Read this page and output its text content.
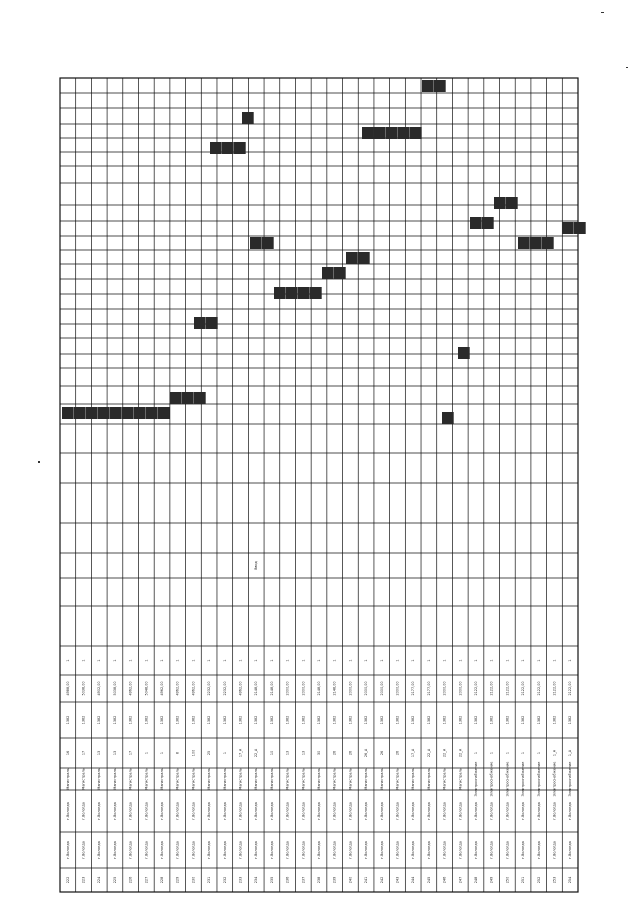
222
г.Вологда
г.Вологда
Магистраль
16
1382
4988,00
1
223
г.Вологда
г.Вологда
Магистраль
17
1382
5038,00
1
224
г.Вологда
г.Вологда
Магистраль
13
1382
4902,00
1
225
г.Вологда
г.Вологда
Магистраль
13
1382
5038,00
1
226
г.Вологда
г.Вологда
Магистраль
17
1382
4962,00
1
227
г.Вологда
г.Вологда
Магистраль
1
1382
5048,00
1
228
г.Вологда
г.Вологда
Магистраль
1
1382
4962,00
1
229
г.Вологда
г.Вологда
Магистраль
8
1382
4962,00
1
230
г.Вологда
г.Вологда
Магистраль
100
1382
4962,00
1
231
г.Вологда
г.Вологда
Магистраль
25
1382
2232,00
1
232
г.Вологда
г.Вологда
Магистраль
1
1382
2232,00
1
233
г.Вологда
г.Вологда
Магистраль
17_А
1382
4962,00
1
234
г.Вологда
г.Вологда
Магистраль
22_А
1382
2148,00
1
Ввод
235
г.Вологда
г.Вологда
Магистраль
10
1382
2148,00
1
236
г.Вологда
г.Вологда
Магистраль
13
1382
2000,00
1
237
г.Вологда
г.Вологда
Магистраль
13
1382
2000,00
1
238
г.Вологда
г.Вологда
Магистраль
30
1382
2148,00
1
239
г.Вологда
г.Вологда
Магистраль
26
1382
2148,00
1
240
г.Вологда
г.Вологда
Магистраль
26
1382
2000,00
1
241
г.Вологда
г.Вологда
Магистраль
26_А
1382
2000,00
1
242
г.Вологда
г.Вологда
Магистраль
26
1382
2000,00
1
243
г.Вологда
г.Вологда
Магистраль
26
1382
2000,00
1
244
г.Вологда
г.Вологда
Магистраль
17_А
1382
2177,00
1
245
г.Вологда
г.Вологда
Магистраль
22_А
1382
2177,00
1
246
г.Вологда
г.Вологда
Магистраль
22_А
1382
2000,00
1
247
г.Вологда
г.Вологда
Магистраль
22_А
1382
2000,00
1
248
г.Вологда
г.Вологда
Электроснабжение
1
1382
2122,00
1
249
г.Вологда
г.Вологда
Электроснабжение
1
1382
2122,00
1
250
г.Вологда
г.Вологда
Электроснабжение
1
1382
2122,00
1
251
г.Вологда
г.Вологда
Электроснабжение
1
1382
2122,00
1
252
г.Вологда
г.Вологда
Электроснабжение
1
1382
2122,00
1
253
г.Вологда
г.Вологда
Электроснабжение
1_А
1382
2122,00
1
254
г.Вологда
г.Вологда
Электроснабжение
1_А
1382
2122,00
1
